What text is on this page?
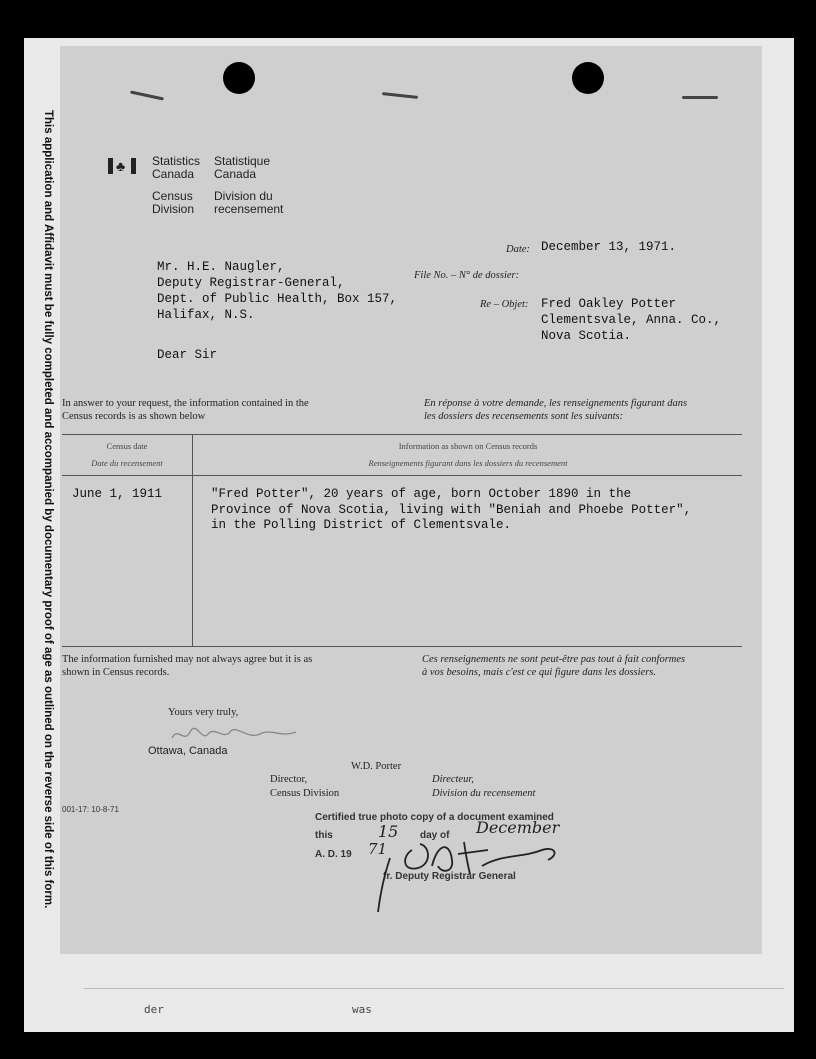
der	was
This application and Affidavit must be fully completed and accompanied by documentary proof of age as outlined on the reverse side of this form.	♣ Statistics
Canada
Census
Division
Statistique
Canada
Division du
recensement
Date: December 13, 1971.
Mr. H.E. Naugler,
Deputy Registrar-General,
Dept. of Public Health, Box 157,
Halifax, N.S.
File No. – N° de dossier:
Re – Objet: Fred Oakley Potter
Clementsvale, Anna. Co.,
Nova Scotia.
Dear Sir
In answer to your request, the information contained in the
Census records is as shown below
En réponse à votre demande, les renseignements figurant dans
les dossiers des recensements sont les suivants:
Census date
Date du recensement
Information as shown on Census records
Renseignements figurant dans les dossiers du recensement
June 1, 1911	"Fred Potter", 20 years of age, born October 1890 in the
Province of Nova Scotia, living with "Beniah and Phoebe Potter",
in the Polling District of Clementsvale.
The information furnished may not always agree but it is as
shown in Census records.
Ces renseignements ne sont peut-être pas tout à fait conformes
à vos besoins, mais c'est ce qui figure dans les dossiers.
Yours very truly,
Ottawa, Canada
W.D. Porter
Director,
Census Division
Directeur,
Division du recensement
001-17: 10-8-71
Certified true photo copy of a document examined
this	15 day of December
A. D. 19 71
fr. Deputy Registrar General
